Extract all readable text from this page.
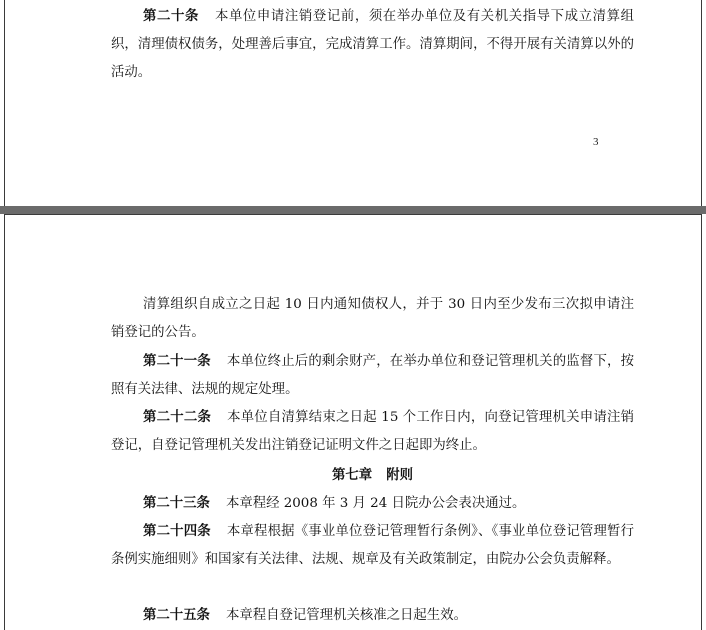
第二十条 本单位申请注销登记前，须在举办单位及有关机关指导下成立清算组织，清理债权债务，处理善后事宜，完成清算工作。清算期间，不得开展有关清算以外的活动。

3

清算组织自成立之日起 10 日内通知债权人，并于 30 日内至少发布三次拟申请注销登记的公告。

第二十一条 本单位终止后的剩余财产，在举办单位和登记管理机关的监督下，按照有关法律、法规的规定处理。

第二十二条 本单位自清算结束之日起 15 个工作日内，向登记管理机关申请注销登记，自登记管理机关发出注销登记证明文件之日起即为终止。

第七章 附则

第二十三条 本章程经 2008 年 3 月 24 日院办公会表决通过。

第二十四条 本章程根据《事业单位登记管理暂行条例》、《事业单位登记管理暂行条例实施细则》和国家有关法律、法规、规章及有关政策制定，由院办公会负责解释。

第二十五条 本章程自登记管理机关核准之日起生效。
